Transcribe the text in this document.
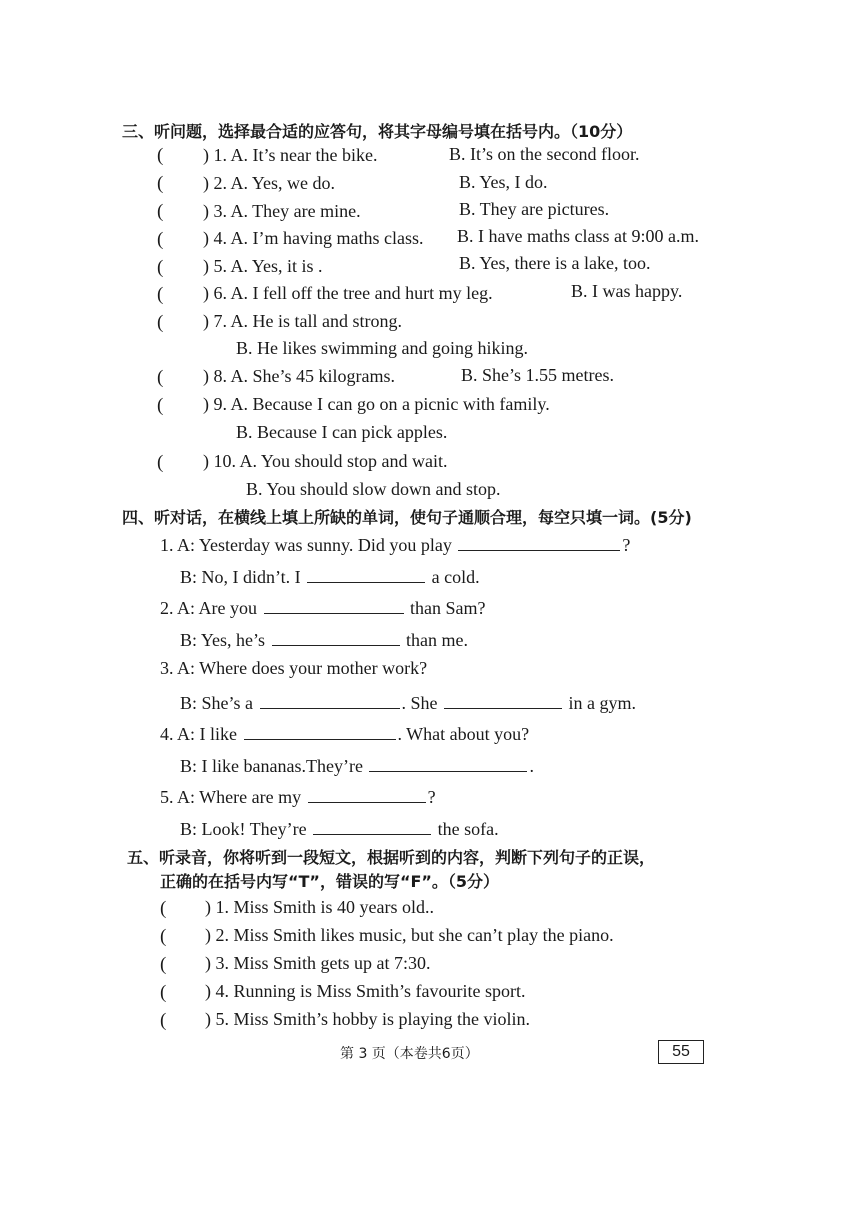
三、听问题，选择最合适的应答句，将其字母编号填在括号内。（10分）
( ) 1. A. It’s near the bike.	B. It’s on the second floor.
( ) 2. A. Yes, we do.	B. Yes, I do.
( ) 3. A. They are mine.	B. They are pictures.
( ) 4. A. I’m having maths class. B. I have maths class at 9:00 a.m.
( ) 5. A. Yes, it is .	B. Yes, there is a lake, too.
( ) 6. A. I fell off the tree and hurt my leg.	B. I was happy.
( ) 7. A. He is tall and strong.
B. He likes swimming and going hiking.
( ) 8. A. She’s 45 kilograms.	B. She’s 1.55 metres.
( ) 9. A. Because I can go on a picnic with family.
B. Because I can pick apples.
( ) 10. A. You should stop and wait.
B. You should slow down and stop.
四、听对话，在横线上填上所缺的单词，使句子通顺合理，每空只填一词。(5分)
1. A: Yesterday was sunny. Did you play	?
B: No, I didn’t. I	a cold.
2. A: Are you	than Sam?
B: Yes, he’s	than me.
3. A: Where does your mother work?
B: She’s a	. She	in a gym.
4. A: I like	. What about you?
B: I like bananas.They’re	.
5. A: Where are my	?
B: Look! They’re	the sofa.
五、听录音，你将听到一段短文，根据听到的内容，判断下列句子的正误，
正确的在括号内写“T”，错误的写“F”。（5分）
( ) 1. Miss Smith is 40 years old..
( ) 2. Miss Smith likes music, but she can’t play the piano.
( ) 3. Miss Smith gets up at 7:30.
( ) 4. Running is Miss Smith’s favourite sport.
( ) 5. Miss Smith’s hobby is playing the violin.
第 3 页（本卷共6页）	55
